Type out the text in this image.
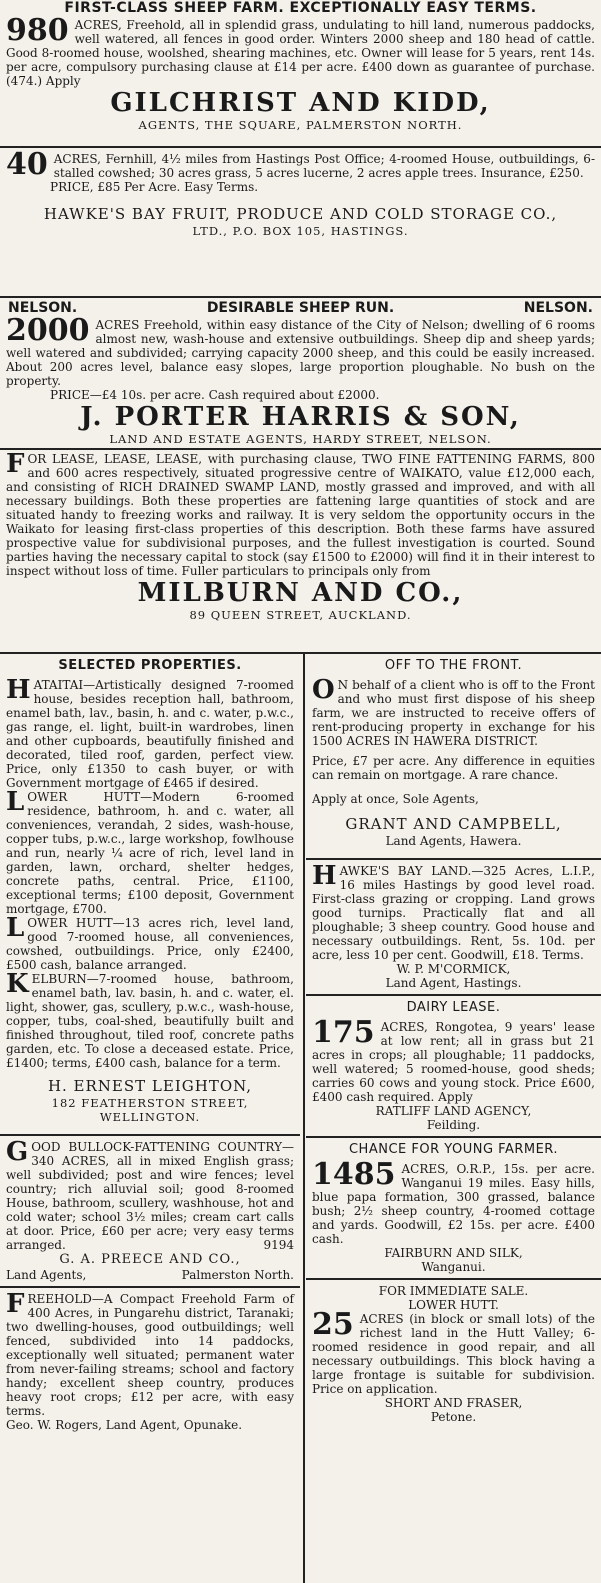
FIRST-CLASS SHEEP FARM. EXCEPTIONALLY EASY TERMS.

980 ACRES, Freehold, all in splendid grass, undulating to hill land, numerous paddocks, well watered, all fences in good order. Winters 2000 sheep and 180 head of cattle. Good 8-roomed house, woolshed, shearing machines, etc. Owner will lease for 5 years, rent 14s. per acre, compulsory purchasing clause at £14 per acre. £400 down as guarantee of purchase. (474.) Apply

GILCHRIST AND KIDD,

AGENTS, THE SQUARE, PALMERSTON NORTH.

40 ACRES, Fernhill, 4½ miles from Hastings Post Office; 4-roomed House, outbuildings, 6-stalled cowshed; 30 acres grass, 5 acres lucerne, 2 acres apple trees. Insurance, £250.

PRICE, £85 Per Acre. Easy Terms.

HAWKE'S BAY FRUIT, PRODUCE AND COLD STORAGE CO.,

LTD., P.O. BOX 105, HASTINGS.

NELSON.	DESIRABLE SHEEP RUN.	NELSON.
2000 ACRES Freehold, within easy distance of the City of Nelson; dwelling of 6 rooms almost new, wash-house and extensive outbuildings. Sheep dip and sheep yards; well watered and subdivided; carrying capacity 2000 sheep, and this could be easily increased. About 200 acres level, balance easy slopes, large proportion ploughable. No bush on the property.

PRICE—£4 10s. per acre. Cash required about £2000.

J. PORTER HARRIS & SON,

LAND AND ESTATE AGENTS, HARDY STREET, NELSON.

F OR LEASE, LEASE, LEASE, with purchasing clause, TWO FINE FATTENING FARMS, 800 and 600 acres respectively, situated progressive centre of WAIKATO, value £12,000 each, and consisting of RICH DRAINED SWAMP LAND, mostly grassed and improved, and with all necessary buildings. Both these properties are fattening large quantities of stock and are situated handy to freezing works and railway. It is very seldom the opportunity occurs in the Waikato for leasing first-class properties of this description. Both these farms have assured prospective value for subdivisional purposes, and the fullest investigation is courted. Sound parties having the necessary capital to stock (say £1500 to £2000) will find it in their interest to inspect without loss of time. Fuller particulars to principals only from

MILBURN AND CO.,

89 QUEEN STREET, AUCKLAND.

SELECTED PROPERTIES.

H ATAITAI—Artistically designed 7-roomed house, besides reception hall, bathroom, enamel bath, lav., basin, h. and c. water, p.w.c., gas range, el. light, built-in wardrobes, linen and other cupboards, beautifully finished and decorated, tiled roof, garden, perfect view. Price, only £1350 to cash buyer, or with Government mortgage of £465 if desired.
L OWER HUTT—Modern 6-roomed residence, bathroom, h. and c. water, all conveniences, verandah, 2 sides, wash-house, copper tubs, p.w.c., large workshop, fowlhouse and run, nearly ¼ acre of rich, level land in garden, lawn, orchard, shelter hedges, concrete paths, central. Price, £1100, exceptional terms; £100 deposit, Government mortgage, £700.
L OWER HUTT—13 acres rich, level land, good 7-roomed house, all conveniences, cowshed, outbuildings. Price, only £2400, £500 cash, balance arranged.
K ELBURN—7-roomed house, bathroom, enamel bath, lav. basin, h. and c. water, el. light, shower, gas, scullery, p.w.c., wash-house, copper, tubs, coal-shed, beautifully built and finished throughout, tiled roof, concrete paths garden, etc. To close a deceased estate. Price, £1400; terms, £400 cash, balance for a term.

H. ERNEST LEIGHTON,

182 FEATHERSTON STREET,

WELLINGTON.

G OOD BULLOCK-FATTENING COUNTRY—340 ACRES, all in mixed English grass; well subdivided; post and wire fences; level country; rich alluvial soil; good 8-roomed House, bathroom, scullery, washhouse, hot and cold water; school 3½ miles; cream cart calls at door. Price, £60 per acre; very easy terms arranged.	9194

G. A. PREECE AND CO.,

Land Agents,	Palmerston North.
F REEHOLD—A Compact Freehold Farm of 400 Acres, in Pungarehu district, Taranaki; two dwelling-houses, good outbuildings; well fenced, subdivided into 14 paddocks, exceptionally well situated; permanent water from never-failing streams; school and factory handy; excellent sheep country, produces heavy root crops; £12 per acre, with easy terms.

Geo. W. Rogers, Land Agent, Opunake.

OFF TO THE FRONT.

O N behalf of a client who is off to the Front and who must first dispose of his sheep farm, we are instructed to receive offers of rent-producing property in exchange for his 1500 ACRES IN HAWERA DISTRICT.

Price, £7 per acre. Any difference in equities can remain on mortgage. A rare chance.

Apply at once, Sole Agents,

GRANT AND CAMPBELL,

Land Agents, Hawera.

H AWKE'S BAY LAND.—325 Acres, L.I.P., 16 miles Hastings by good level road. First-class grazing or cropping. Land grows good turnips. Practically flat and all ploughable; 3 sheep country. Good house and necessary outbuildings. Rent, 5s. 10d. per acre, less 10 per cent. Goodwill, £18. Terms.

W. P. M'CORMICK,

Land Agent, Hastings.

DAIRY LEASE.

175 ACRES, Rongotea, 9 years' lease at low rent; all in grass but 21 acres in crops; all ploughable; 11 paddocks, well watered; 5 roomed-house, good sheds; carries 60 cows and young stock. Price £600, £400 cash required. Apply

RATLIFF LAND AGENCY,

Feilding.

CHANCE FOR YOUNG FARMER.

1485 ACRES, O.R.P., 15s. per acre. Wanganui 19 miles. Easy hills, blue papa formation, 300 grassed, balance bush; 2½ sheep country, 4-roomed cottage and yards. Goodwill, £2 15s. per acre. £400 cash.

FAIRBURN AND SILK,

Wanganui.

FOR IMMEDIATE SALE.

LOWER HUTT.

25 ACRES (in block or small lots) of the richest land in the Hutt Valley; 6-roomed residence in good repair, and all necessary outbuildings. This block having a large frontage is suitable for subdivision. Price on application.

SHORT AND FRASER,

Petone.
